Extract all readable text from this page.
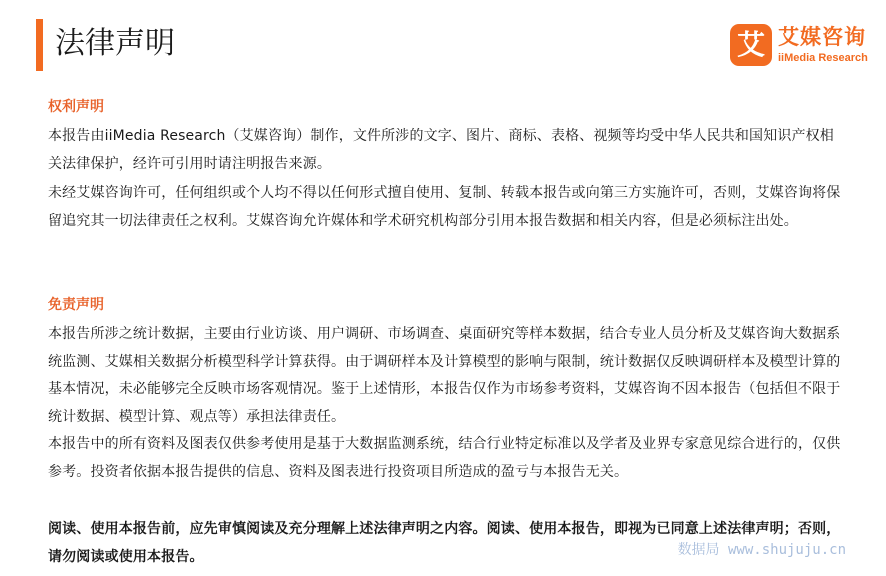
法律声明	艾 艾媒咨询
iiMedia Research
权利声明

本报告由iiMedia Research（艾媒咨询）制作，文件所涉的文字、图片、商标、表格、视频等均受中华人民共和国知识产权相关法律保护，经许可引用时请注明报告来源。

未经艾媒咨询许可，任何组织或个人均不得以任何形式擅自使用、复制、转载本报告或向第三方实施许可，否则，艾媒咨询将保留追究其一切法律责任之权利。艾媒咨询允许媒体和学术研究机构部分引用本报告数据和相关内容，但是必须标注出处。

免责声明

本报告所涉之统计数据，主要由行业访谈、用户调研、市场调查、桌面研究等样本数据，结合专业人员分析及艾媒咨询大数据系统监测、艾媒相关数据分析模型科学计算获得。由于调研样本及计算模型的影响与限制，统计数据仅反映调研样本及模型计算的基本情况，未必能够完全反映市场客观情况。鉴于上述情形，本报告仅作为市场参考资料，艾媒咨询不因本报告（包括但不限于统计数据、模型计算、观点等）承担法律责任。

本报告中的所有资料及图表仅供参考使用是基于大数据监测系统，结合行业特定标准以及学者及业界专家意见综合进行的，仅供参考。投资者依据本报告提供的信息、资料及图表进行投资项目所造成的盈亏与本报告无关。

阅读、使用本报告前，应先审慎阅读及充分理解上述法律声明之内容。阅读、使用本报告，即视为已同意上述法律声明；否则，请勿阅读或使用本报告。	数据局 www.shujuju.cn
